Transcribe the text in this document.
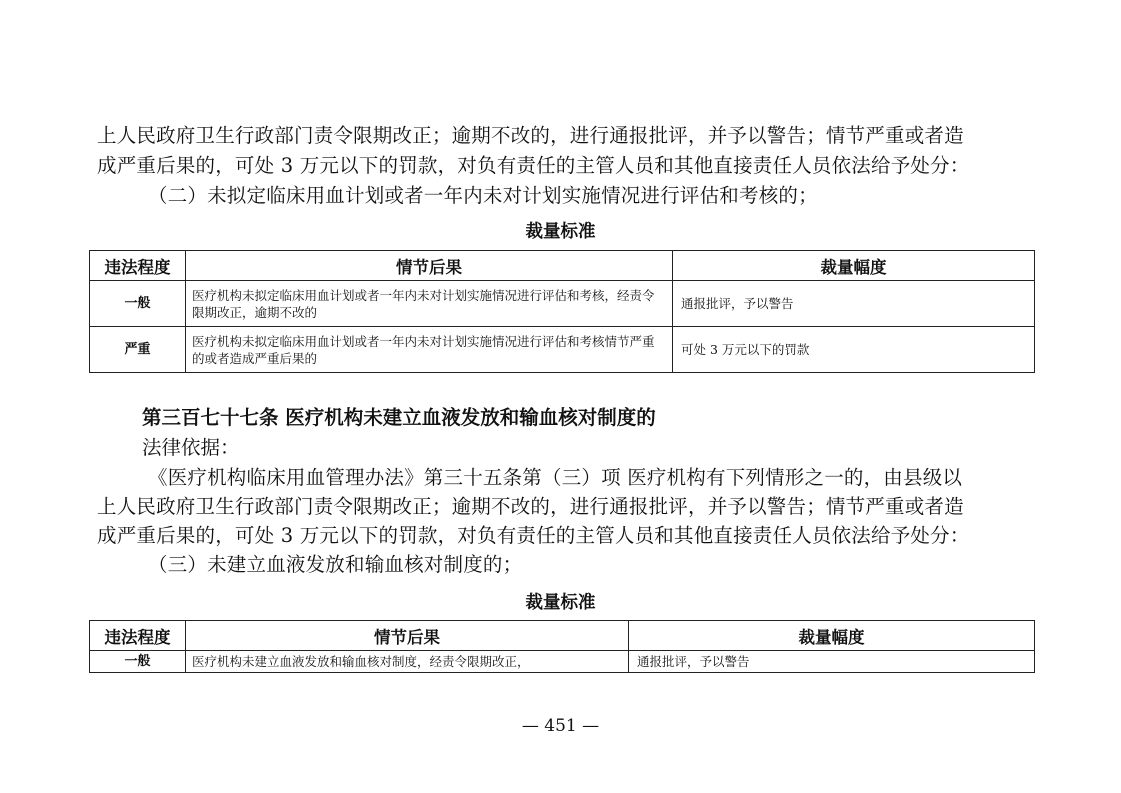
上人民政府卫生行政部门责令限期改正；逾期不改的，进行通报批评，并予以警告；情节严重或者造
成严重后果的，可处 3 万元以下的罚款，对负有责任的主管人员和其他直接责任人员依法给予处分：
（二）未拟定临床用血计划或者一年内未对计划实施情况进行评估和考核的；
裁量标准
违法程度	情节后果	裁量幅度
一般	医疗机构未拟定临床用血计划或者一年内未对计划实施情况进行评估和考核，经责令限期改正，逾期不改的	通报批评，予以警告
严重	医疗机构未拟定临床用血计划或者一年内未对计划实施情况进行评估和考核情节严重的或者造成严重后果的	可处 3 万元以下的罚款
第三百七十七条 医疗机构未建立血液发放和输血核对制度的
法律依据：
《医疗机构临床用血管理办法》第三十五条第（三）项 医疗机构有下列情形之一的，由县级以
上人民政府卫生行政部门责令限期改正；逾期不改的，进行通报批评，并予以警告；情节严重或者造
成严重后果的，可处 3 万元以下的罚款，对负有责任的主管人员和其他直接责任人员依法给予处分：
（三）未建立血液发放和输血核对制度的；
裁量标准
违法程度	情节后果	裁量幅度
一般	医疗机构未建立血液发放和输血核对制度，经责令限期改正，	通报批评，予以警告
— 451 —
